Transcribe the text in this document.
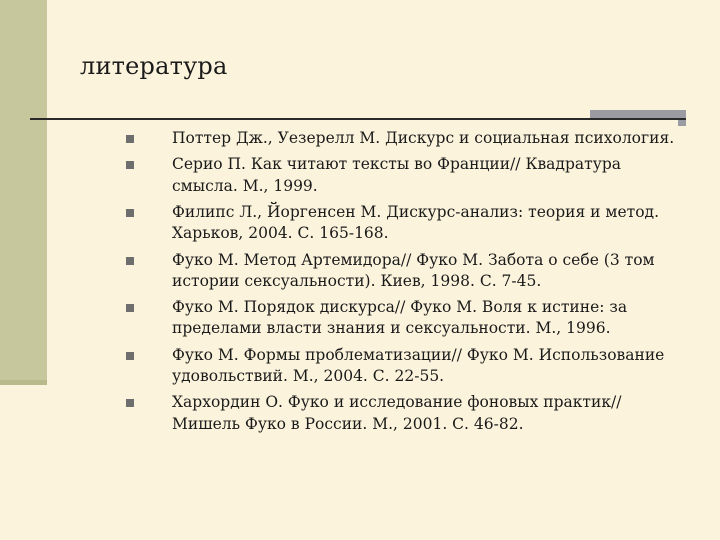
литература
Поттер Дж., Уезерелл М. Дискурс и социальная психология.
Серио П. Как читают тексты во Франции// Квадратура смысла. М., 1999.
Филипс Л., Йоргенсен М. Дискурс-анализ: теория и метод. Харьков, 2004. С. 165-168.
Фуко М. Метод Артемидора// Фуко М. Забота о себе (3 том истории сексуальности). Киев, 1998. С. 7-45.
Фуко М. Порядок дискурса// Фуко М. Воля к истине: за пределами власти знания и сексуальности. М., 1996.
Фуко М. Формы проблематизации// Фуко М. Использование удовольствий. М., 2004. С. 22-55.
Хархордин О. Фуко и исследование фоновых практик// Мишель Фуко в России. М., 2001. С. 46-82.
